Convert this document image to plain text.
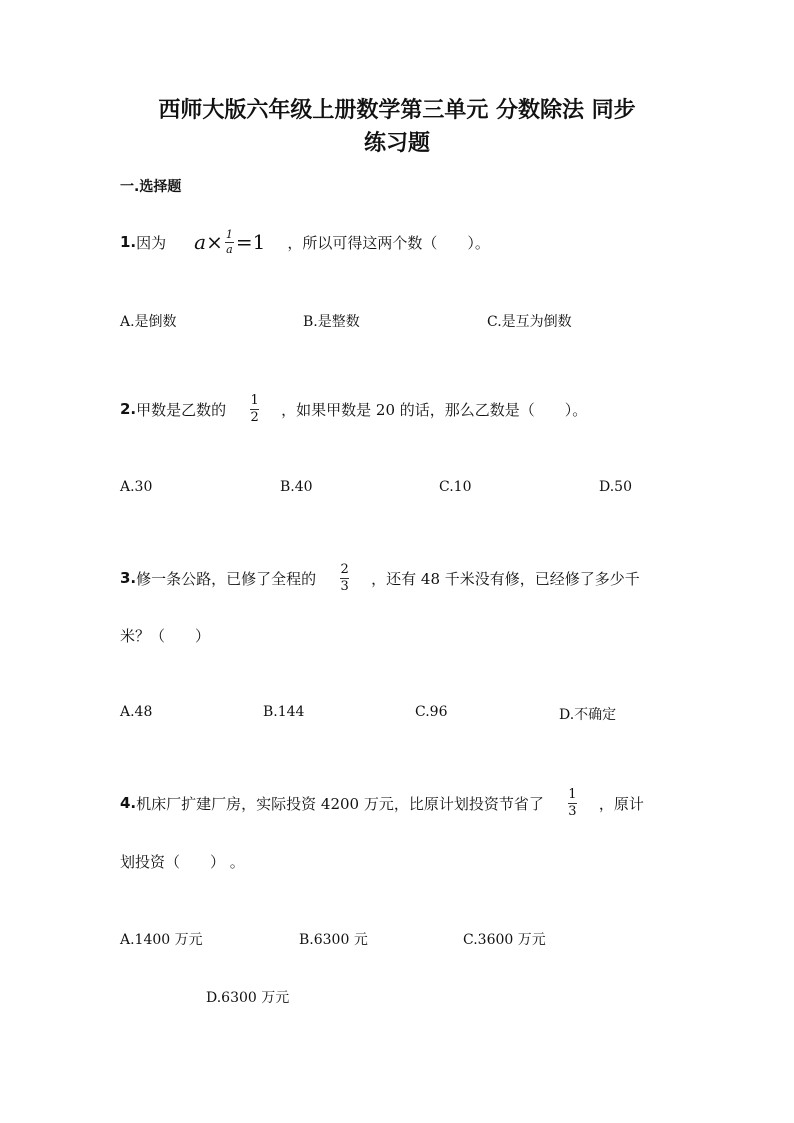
西师大版六年级上册数学第三单元 分数除法 同步
练习题
一.选择题
1. 因为 $a \times \frac{1}{a} =1$ ，所以可得这两个数（　　）。
A.是倒数	B.是整数	C.是互为倒数
2. 甲数是乙数的 $\frac{1}{2}$ ，如果甲数是 20 的话，那么乙数是（　　）。
A.30	B.40	C.10	D.50
3. 修一条公路，已修了全程的 $\frac{2}{3}$ ，还有 48 千米没有修，已经修了多少千
米？（　　）
A.48	B.144	C.96	D.不确定
4. 机床厂扩建厂房，实际投资 4200 万元，比原计划投资节省了 $\frac{1}{3}$ ，原计
划投资（　　） 。
A.1400 万元	B.6300 元	C.3600 万元
D.6300 万元
